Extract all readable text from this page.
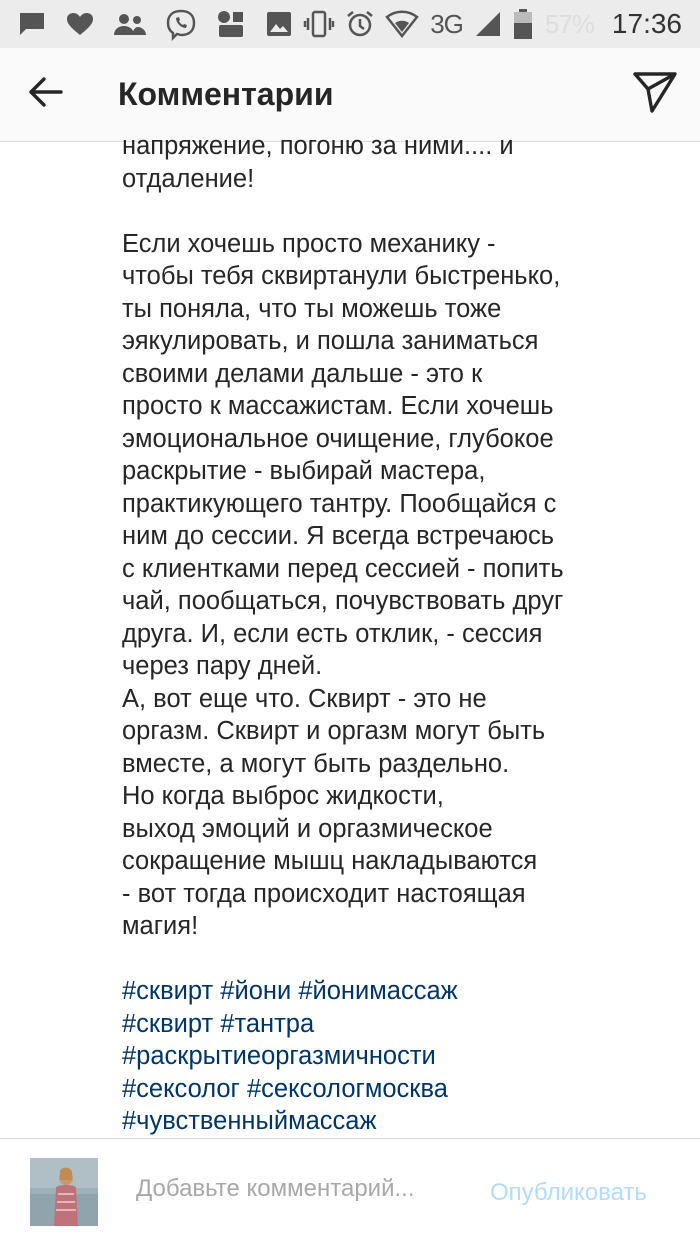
3G	57% 17:36
Комментарии

напряжение, погоню за ними.... и

отдаление!

Если хочешь просто механику -

чтобы тебя сквиртанули быстренько,

ты поняла, что ты можешь тоже

эякулировать, и пошла заниматься

своими делами дальше - это к

просто к массажистам. Если хочешь

эмоциональное очищение, глубокое

раскрытие - выбирай мастера,

практикующего тантру. Пообщайся с

ним до сессии. Я всегда встречаюсь

с клиентками перед сессией - попить

чай, пообщаться, почувствовать друг

друга. И, если есть отклик, - сессия

через пару дней.

А, вот еще что. Сквирт - это не

оргазм. Сквирт и оргазм могут быть

вместе, а могут быть раздельно.

Но когда выброс жидкости,

выход эмоций и оргазмическое

сокращение мышц накладываются

- вот тогда происходит настоящая

магия!

#сквирт #йони #йонимассаж

#сквирт #тантра

#раскрытиеоргазмичности

#сексолог #сексологмосква

#чувственныймассаж

Добавьте комментарий...
Опубликовать
